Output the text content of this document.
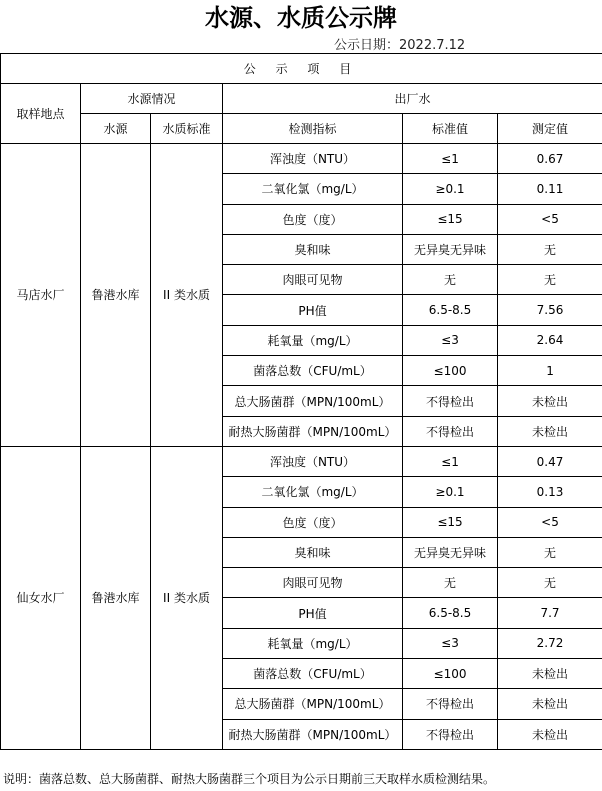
水源、水质公示牌
公示日期：2022.7.12
公 示 项 目					
取样地点	水源情况		出厂水		
	水源	水质标准	检测指标	标准值	测定值
马店水厂	鲁港水库	II 类水质	浑浊度（NTU）	≤1	0.67
			二氧化氯（mg/L）	≥0.1	0.11
			色度（度）	≤15	<5
			臭和味	无异臭无异味	无
			肉眼可见物	无	无
			PH值	6.5-8.5	7.56
			耗氧量（mg/L）	≤3	2.64
			菌落总数（CFU/mL）	≤100	1
			总大肠菌群（MPN/100mL）	不得检出	未检出
			耐热大肠菌群（MPN/100mL）	不得检出	未检出
仙女水厂	鲁港水库	II 类水质	浑浊度（NTU）	≤1	0.47
			二氧化氯（mg/L）	≥0.1	0.13
			色度（度）	≤15	<5
			臭和味	无异臭无异味	无
			肉眼可见物	无	无
			PH值	6.5-8.5	7.7
			耗氧量（mg/L）	≤3	2.72
			菌落总数（CFU/mL）	≤100	未检出
			总大肠菌群（MPN/100mL）	不得检出	未检出
			耐热大肠菌群（MPN/100mL）	不得检出	未检出
说明：菌落总数、总大肠菌群、耐热大肠菌群三个项目为公示日期前三天取样水质检测结果。
